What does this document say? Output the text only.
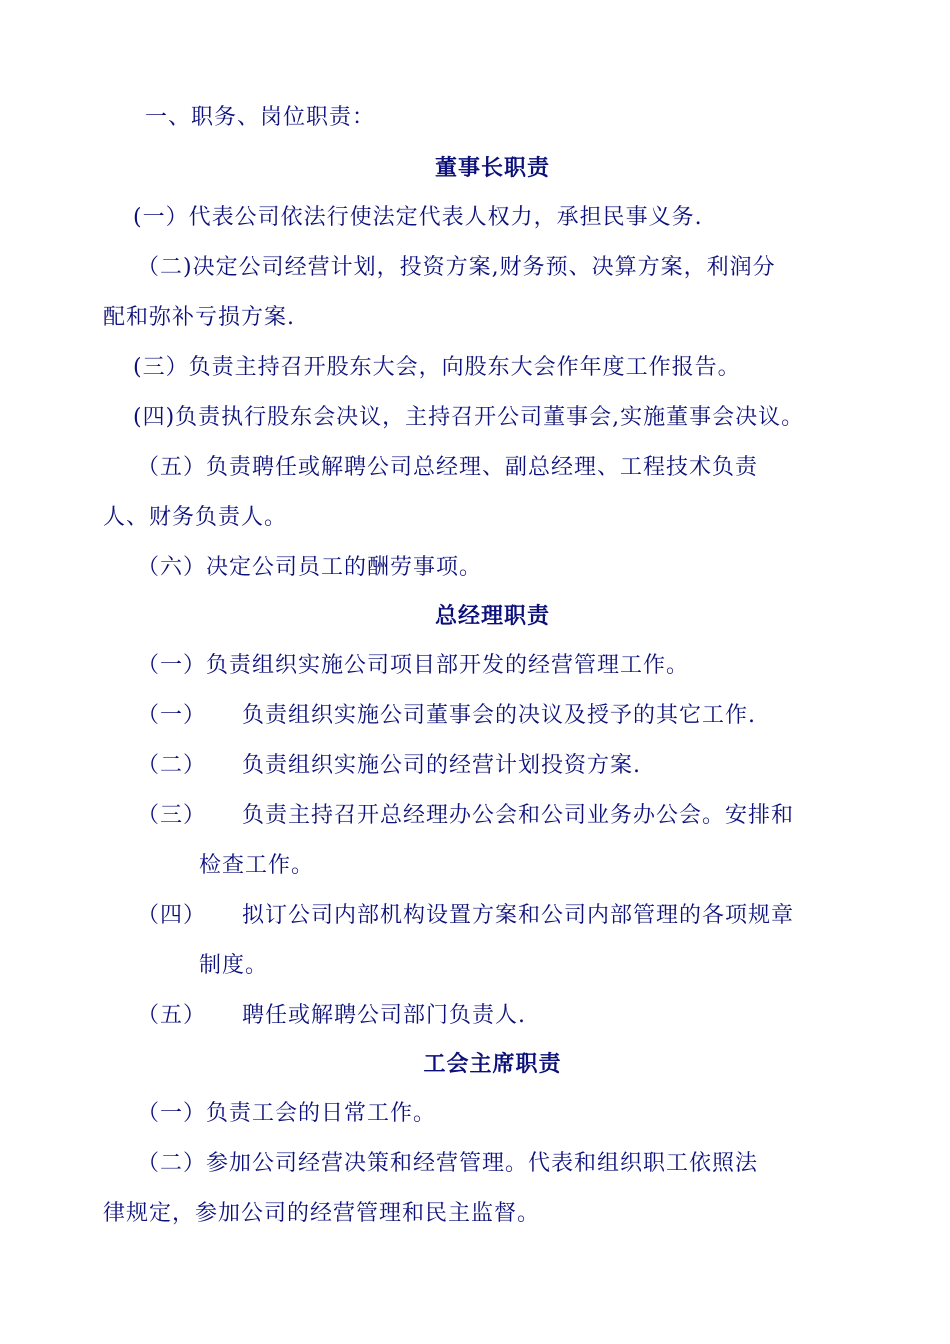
一、职务、岗位职责：
董事长职责
(一）代表公司依法行使法定代表人权力，承担民事义务.
（二)决定公司经营计划，投资方案,财务预、决算方案，利润分
配和弥补亏损方案.
(三）负责主持召开股东大会，向股东大会作年度工作报告。
(四)负责执行股东会决议，主持召开公司董事会,实施董事会决议。
（五）负责聘任或解聘公司总经理、副总经理、工程技术负责
人、财务负责人。
（六）决定公司员工的酬劳事项。
总经理职责
（一）负责组织实施公司项目部开发的经营管理工作。
（一） 负责组织实施公司董事会的决议及授予的其它工作.
（二） 负责组织实施公司的经营计划投资方案.
（三） 负责主持召开总经理办公会和公司业务办公会。安排和
检查工作。
（四） 拟订公司内部机构设置方案和公司内部管理的各项规章
制度。
（五） 聘任或解聘公司部门负责人.
工会主席职责
（一）负责工会的日常工作。
（二）参加公司经营决策和经营管理。代表和组织职工依照法
律规定，参加公司的经营管理和民主监督。
